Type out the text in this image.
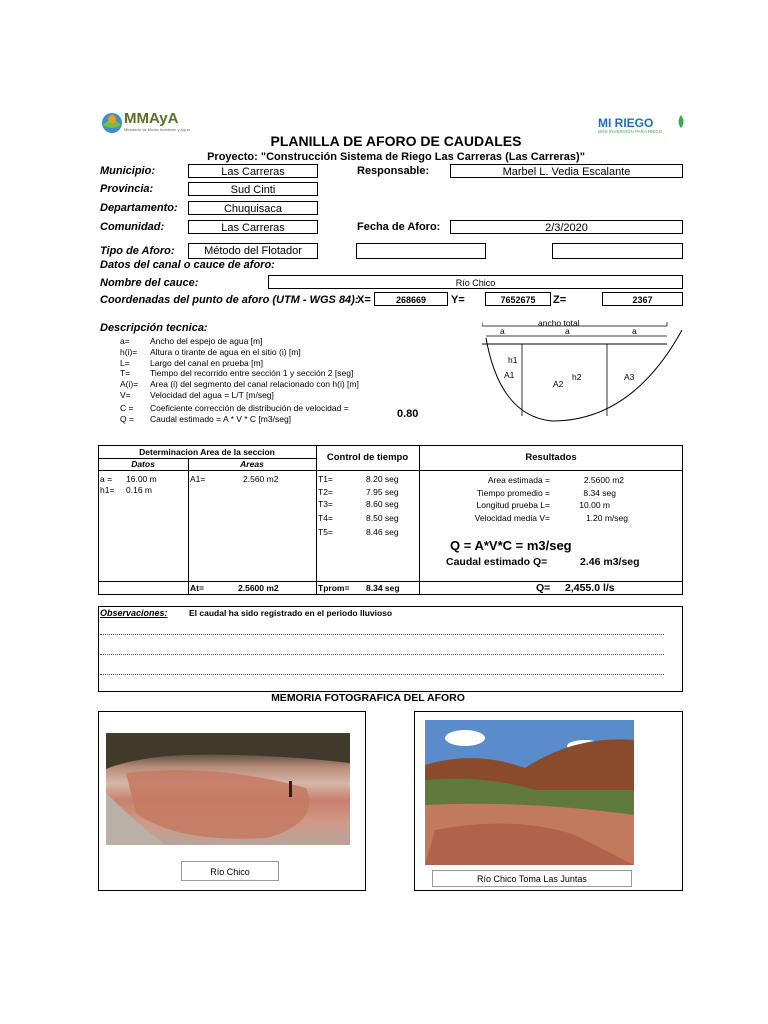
MMAyA
Ministerio de Medio Ambiente y Agua	MI RIEGO
MÁS INVERSIÓN PARA RIEGO
PLANILLA DE AFORO DE CAUDALES
Proyecto: "Construcción Sistema de Riego Las Carreras (Las Carreras)"
Municipio:	Las Carreras	Responsable:	Marbel L. Vedia Escalante
Provincia:	Sud Cinti
Departamento:	Chuquisaca
Comunidad:	Las Carreras	Fecha de Aforo:	2/3/2020
Tipo de Aforo:	Método del Flotador
Datos del canal o cauce de aforo:
Nombre del cauce:	Río Chico
Coordenadas del punto de aforo (UTM - WGS 84):
X=	268669	Y=	7652675	Z=	2367
Descripción tecnica:
a= Ancho del espejo de agua [m]
h(i)= Altura o tirante de agua en el sitio (i) [m]
L= Largo del canal en prueba [m]
T= Tiempo del recorrido entre sección 1 y sección 2 [seg]
A(i)= Area (i) del segmento del canal relacionado con h(i) [m]
V= Velocidad del agua = L/T [m/seg]
C = Coeficiente corrección de distribución de velocidad =
Q = Caudal estimado = A * V * C [m3/seg]	0.80
ancho total
a	a	a
h1
h2
A1
A2
A3
Determinacion Area de la seccion
Datos	Areas
Control de tiempo	Resultados
a = 16.00 m
h1= 0.16 m
A1=	2.560 m2	T1=	8.20 seg
T2=	7.95 seg
T3=	8.60 seg
T4=	8.50 seg
T5=	8.46 seg
Area estimada =	2.5600 m2
Tiempo promedio =	8.34 seg
Longitud prueba L=	10.00 m
Velocidad media V=	1.20 m/seg
Q = A*V*C = m3/seg
Caudal estimado Q=	2.46 m3/seg
At=	2.5600 m2	Tprom= 8.34 seg	Q= 2,455.0 l/s
Observaciones:	El caudal ha sido registrado en el periodo lluvioso
MEMORIA FOTOGRAFICA DEL AFORO
Río Chico
Río Chico Toma Las Juntas
